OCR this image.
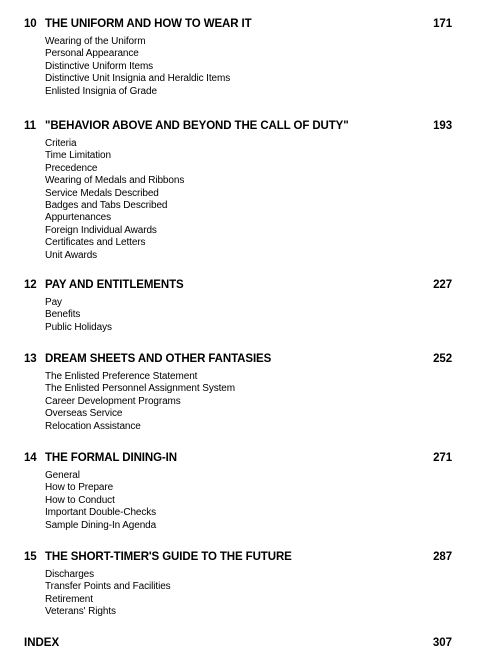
10 THE UNIFORM AND HOW TO WEAR IT	171
Wearing of the Uniform
Personal Appearance
Distinctive Uniform Items
Distinctive Unit Insignia and Heraldic Items
Enlisted Insignia of Grade
11 "BEHAVIOR ABOVE AND BEYOND THE CALL OF DUTY"	193
Criteria
Time Limitation
Precedence
Wearing of Medals and Ribbons
Service Medals Described
Badges and Tabs Described
Appurtenances
Foreign Individual Awards
Certificates and Letters
Unit Awards
12 PAY AND ENTITLEMENTS	227
Pay
Benefits
Public Holidays
13 DREAM SHEETS AND OTHER FANTASIES	252
The Enlisted Preference Statement
The Enlisted Personnel Assignment System
Career Development Programs
Overseas Service
Relocation Assistance
14 THE FORMAL DINING-IN	271
General
How to Prepare
How to Conduct
Important Double-Checks
Sample Dining-In Agenda
15 THE SHORT-TIMER'S GUIDE TO THE FUTURE	287
Discharges
Transfer Points and Facilities
Retirement
Veterans' Rights
INDEX	307
